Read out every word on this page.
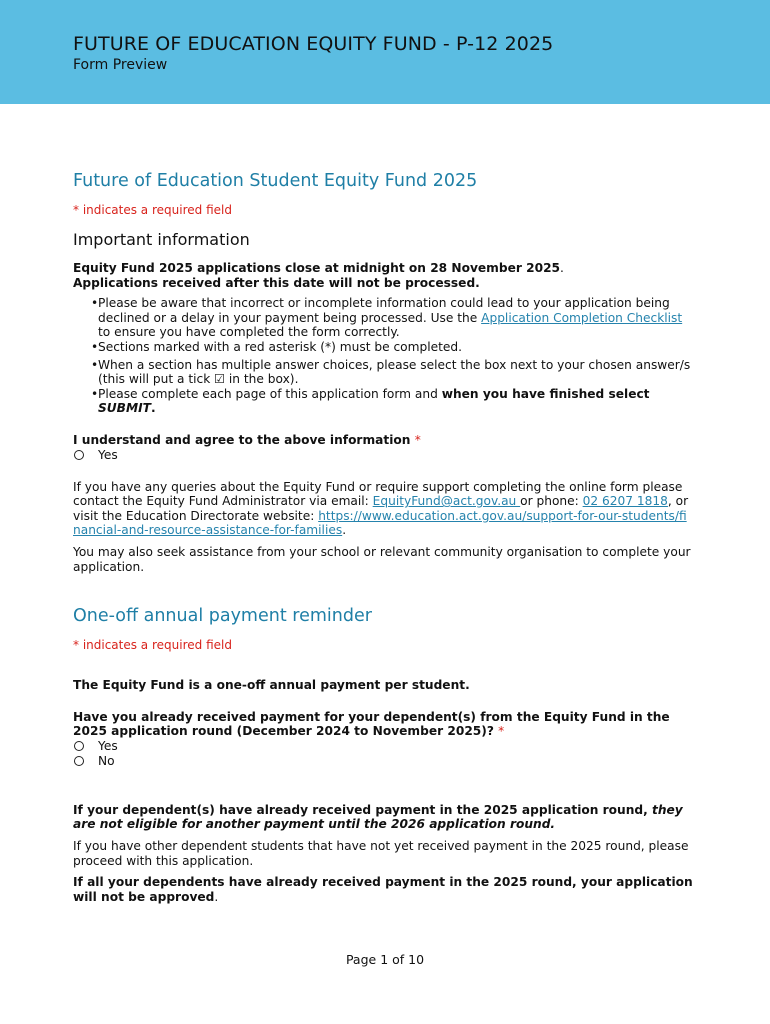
FUTURE OF EDUCATION EQUITY FUND - P-12 2025
Form Preview
Future of Education Student Equity Fund 2025
* indicates a required field
Important information

Equity Fund 2025 applications close at midnight on 28 November 2025.
Applications received after this date will not be processed.

• Please be aware that incorrect or incomplete information could lead to your application being declined or a delay in your payment being processed. Use the Application Completion Checklist to ensure you have completed the form correctly.
• Sections marked with a red asterisk (*) must be completed.
• When a section has multiple answer choices, please select the box next to your chosen answer/s (this will put a tick ☑ in the box).
• Please complete each page of this application form and when you have finished select SUBMIT.

I understand and agree to the above information *

Yes

If you have any queries about the Equity Fund or require support completing the online form please contact the Equity Fund Administrator via email: EquityFund@act.gov.au or phone: 02 6207 1818, or visit the Education Directorate website: https://www.education.act.gov.au/support-for-our-students/financial-and-resource-assistance-for-families.

You may also seek assistance from your school or relevant community organisation to complete your application.

One-off annual payment reminder
* indicates a required field

The Equity Fund is a one-off annual payment per student.

Have you already received payment for your dependent(s) from the Equity Fund in the 2025 application round (December 2024 to November 2025)? *

Yes
No

If your dependent(s) have already received payment in the 2025 application round, they are not eligible for another payment until the 2026 application round.

If you have other dependent students that have not yet received payment in the 2025 round, please proceed with this application.

If all your dependents have already received payment in the 2025 round, your application will not be approved.

Page 1 of 10
